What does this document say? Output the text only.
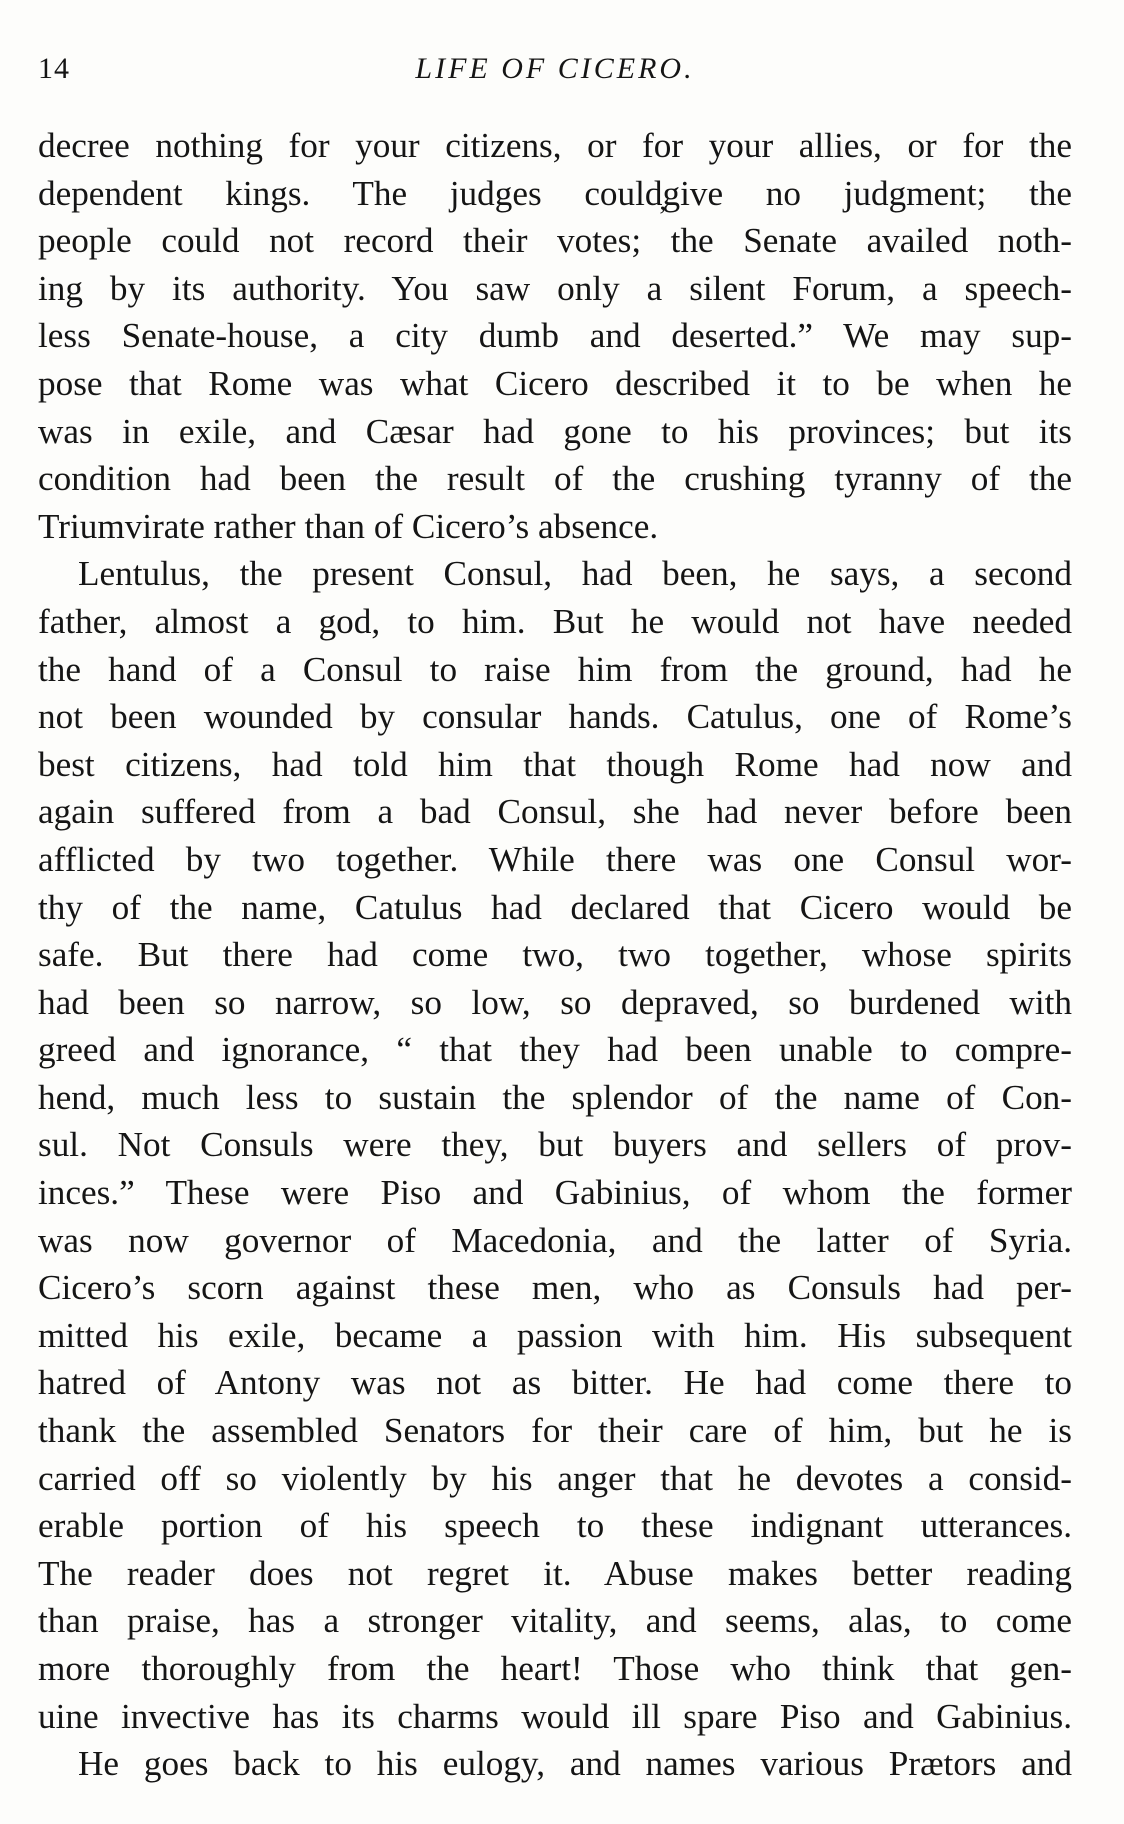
14	LIFE OF CICERO.
decree nothing for your citizens, or for your allies, or for the
dependent kings. The judges could̦give no judgment; the
people could not record their votes; the Senate availed noth-
ing by its authority. You saw only a silent Forum, a speech-
less Senate-house, a city dumb and deserted.” We may sup-
pose that Rome was what Cicero described it to be when he
was in exile, and Cæsar had gone to his provinces; but its
condition had been the result of the crushing tyranny of the
Triumvirate rather than of Cicero’s absence.
Lentulus, the present Consul, had been, he says, a second
father, almost a god, to him. But he would not have needed
the hand of a Consul to raise him from the ground, had he
not been wounded by consular hands. Catulus, one of Rome’s
best citizens, had told him that though Rome had now and
again suffered from a bad Consul, she had never before been
afflicted by two together. While there was one Consul wor-
thy of the name, Catulus had declared that Cicero would be
safe. But there had come two, two together, whose spirits
had been so narrow, so low, so depraved, so burdened with
greed and ignorance, “ that they had been unable to compre-
hend, much less to sustain the splendor of the name of Con-
sul. Not Consuls were they, but buyers and sellers of prov-
inces.” These were Piso and Gabinius, of whom the former
was now governor of Macedonia, and the latter of Syria.
Cicero’s scorn against these men, who as Consuls had per-
mitted his exile, became a passion with him. His subsequent
hatred of Antony was not as bitter. He had come there to
thank the assembled Senators for their care of him, but he is
carried off so violently by his anger that he devotes a consid-
erable portion of his speech to these indignant utterances.
The reader does not regret it. Abuse makes better reading
than praise, has a stronger vitality, and seems, alas, to come
more thoroughly from the heart! Those who think that gen-
uine invective has its charms would ill spare Piso and Gabinius.
He goes back to his eulogy, and names various Prætors and
